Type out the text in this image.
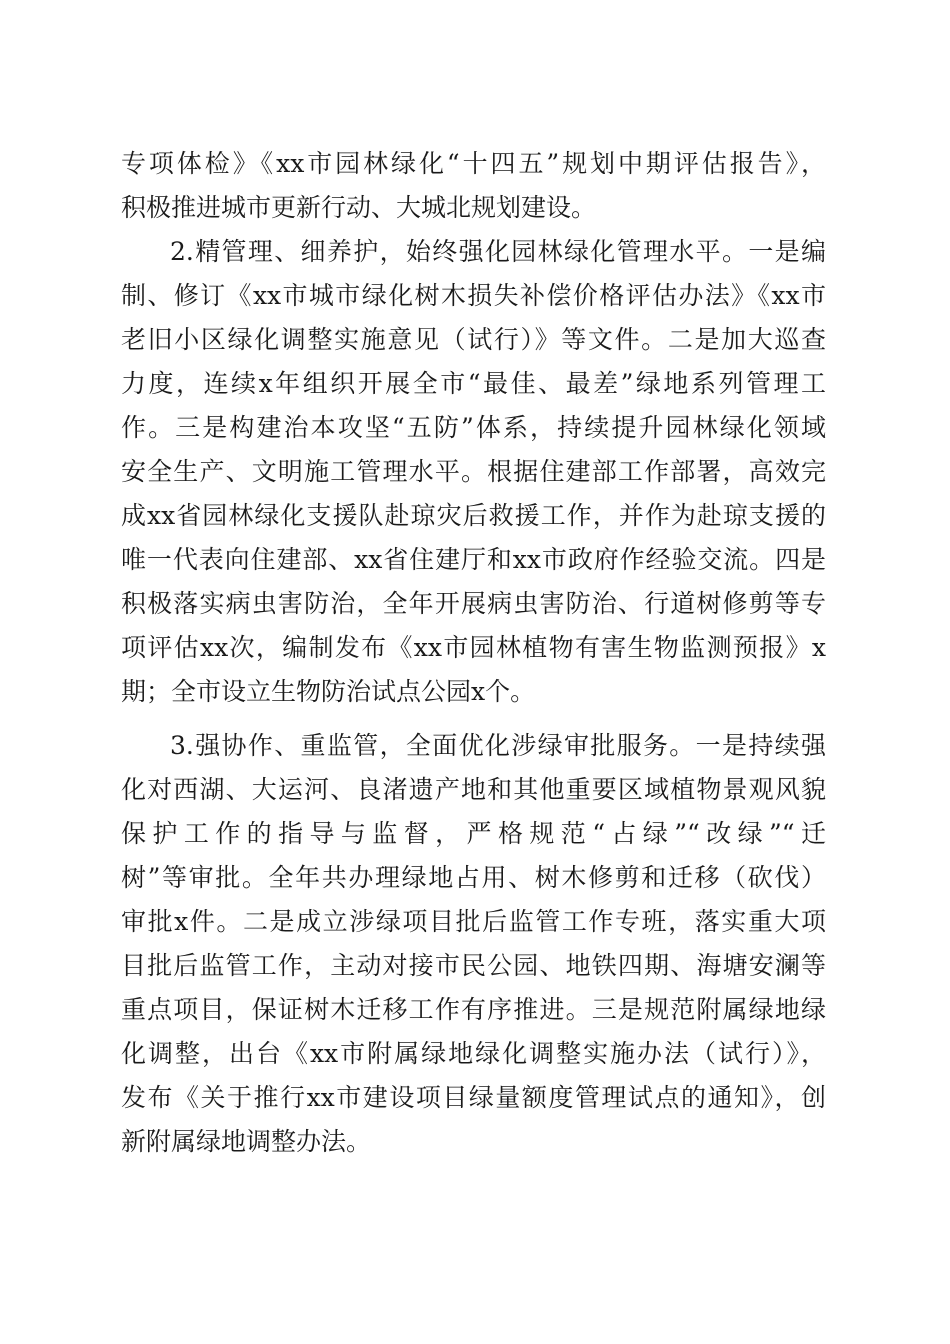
专项体检》《xx市园林绿化“十四五”规划中期评估报告》，
积极推进城市更新行动、大城北规划建设。
2.精管理、细养护，始终强化园林绿化管理水平。一是编
制、修订《xx市城市绿化树木损失补偿价格评估办法》《xx市
老旧小区绿化调整实施意见（试行）》等文件。二是加大巡查
力度，连续x年组织开展全市“最佳、最差”绿地系列管理工
作。三是构建治本攻坚“五防”体系，持续提升园林绿化领域
安全生产、文明施工管理水平。根据住建部工作部署，高效完
成xx省园林绿化支援队赴琼灾后救援工作，并作为赴琼支援的
唯一代表向住建部、xx省住建厅和xx市政府作经验交流。四是
积极落实病虫害防治，全年开展病虫害防治、行道树修剪等专
项评估xx次，编制发布《xx市园林植物有害生物监测预报》x
期；全市设立生物防治试点公园x个。
3.强协作、重监管，全面优化涉绿审批服务。一是持续强
化对西湖、大运河、良渚遗产地和其他重要区域植物景观风貌
保护工作的指导与监督，严格规范“占绿”“改绿”“迁
树”等审批。全年共办理绿地占用、树木修剪和迁移（砍伐）
审批x件。二是成立涉绿项目批后监管工作专班，落实重大项
目批后监管工作，主动对接市民公园、地铁四期、海塘安澜等
重点项目，保证树木迁移工作有序推进。三是规范附属绿地绿
化调整，出台《xx市附属绿地绿化调整实施办法（试行）》，
发布《关于推行xx市建设项目绿量额度管理试点的通知》，创
新附属绿地调整办法。
